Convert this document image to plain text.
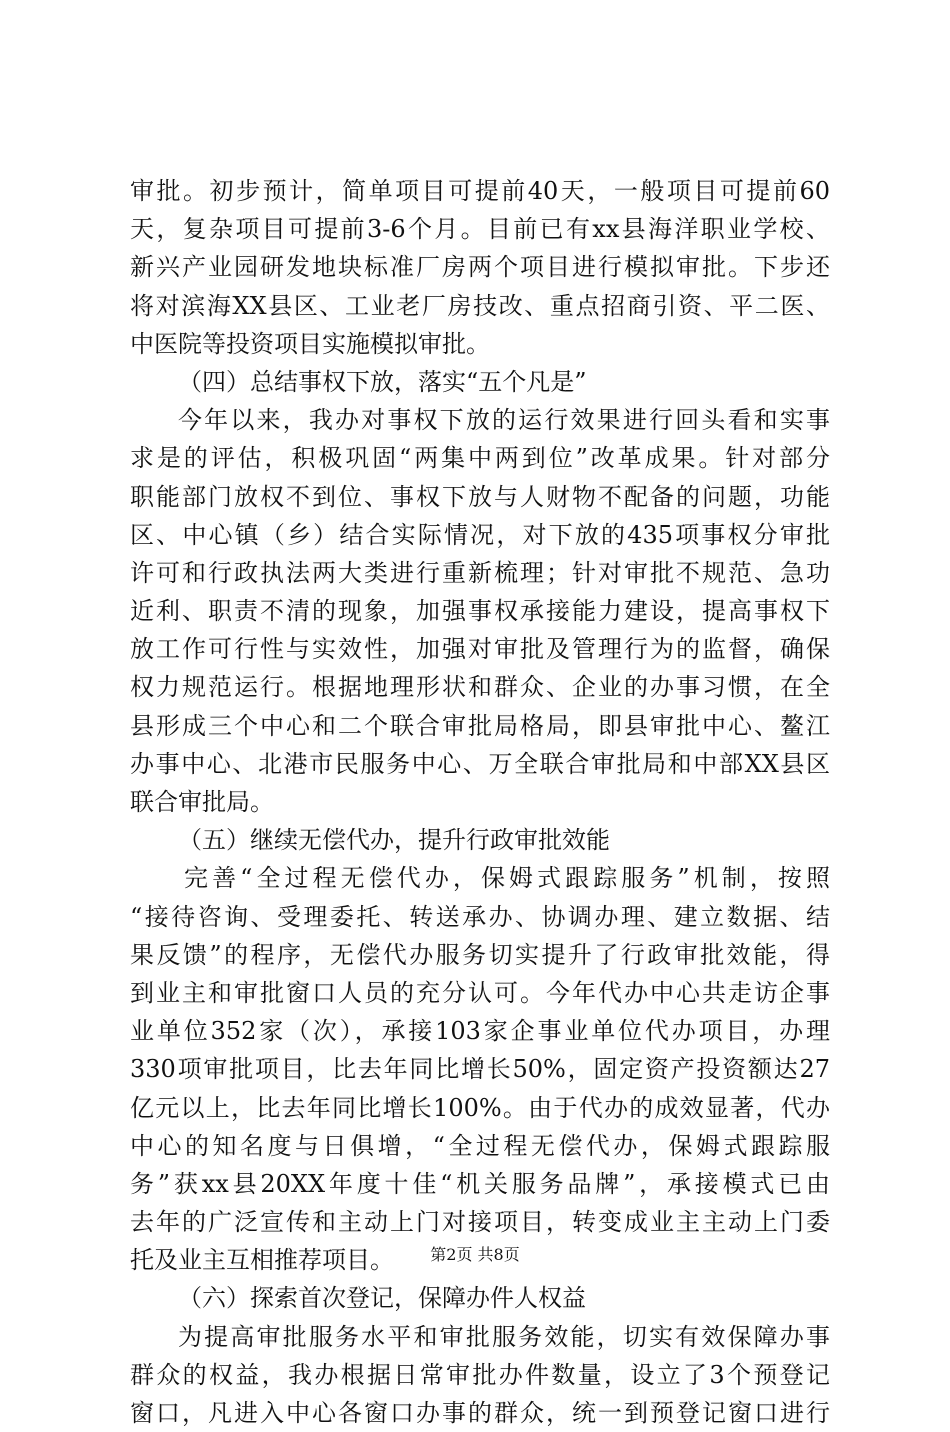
审批。初步预计，简单项目可提前40天，一般项目可提前60
天，复杂项目可提前3-6个月。目前已有xx县海洋职业学校、
新兴产业园研发地块标准厂房两个项目进行模拟审批。下步还
将对滨海XX县区、工业老厂房技改、重点招商引资、平二医、
中医院等投资项目实施模拟审批。
（四）总结事权下放，落实“五个凡是”
今年以来，我办对事权下放的运行效果进行回头看和实事
求是的评估，积极巩固“两集中两到位”改革成果。针对部分
职能部门放权不到位、事权下放与人财物不配备的问题，功能
区、中心镇（乡）结合实际情况，对下放的435项事权分审批
许可和行政执法两大类进行重新梳理；针对审批不规范、急功
近利、职责不清的现象，加强事权承接能力建设，提高事权下
放工作可行性与实效性，加强对审批及管理行为的监督，确保
权力规范运行。根据地理形状和群众、企业的办事习惯，在全
县形成三个中心和二个联合审批局格局，即县审批中心、鳌江
办事中心、北港市民服务中心、万全联合审批局和中部XX县区
联合审批局。
（五）继续无偿代办，提升行政审批效能
完善“全过程无偿代办，保姆式跟踪服务”机制，按照
“接待咨询、受理委托、转送承办、协调办理、建立数据、结
果反馈”的程序，无偿代办服务切实提升了行政审批效能，得
到业主和审批窗口人员的充分认可。今年代办中心共走访企事
业单位352家（次），承接103家企事业单位代办项目，办理
330项审批项目，比去年同比增长50%，固定资产投资额达27
亿元以上，比去年同比增长100%。由于代办的成效显著，代办
中心的知名度与日俱增，“全过程无偿代办，保姆式跟踪服
务”获xx县20XX年度十佳“机关服务品牌”，承接模式已由
去年的广泛宣传和主动上门对接项目，转变成业主主动上门委
托及业主互相推荐项目。
（六）探索首次登记，保障办件人权益
为提高审批服务水平和审批服务效能，切实有效保障办事
群众的权益，我办根据日常审批办件数量，设立了3个预登记
窗口，凡进入中心各窗口办事的群众，统一到预登记窗口进行
第2页 共8页
